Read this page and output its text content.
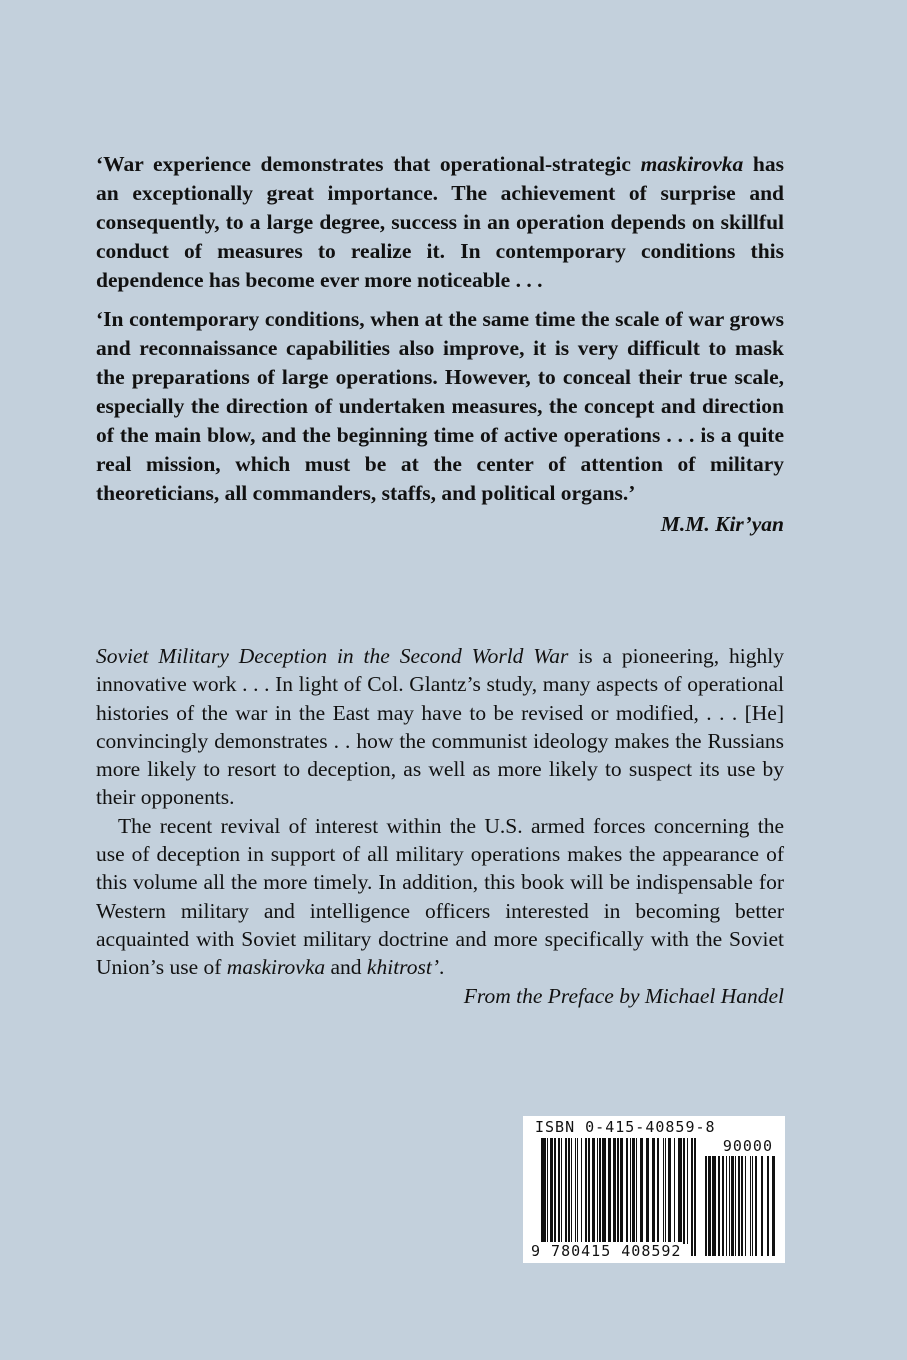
‘War experience demonstrates that operational-strategic maskirovka has an exceptionally great importance. The achievement of surprise and consequently, to a large degree, success in an operation depends on skillful conduct of measures to realize it. In contemporary conditions this dependence has become ever more noticeable . . .

‘In contemporary conditions, when at the same time the scale of war grows and reconnaissance capabilities also improve, it is very difficult to mask the preparations of large operations. However, to conceal their true scale, especially the direction of undertaken measures, the concept and direction of the main blow, and the beginning time of active operations . . . is a quite real mission, which must be at the center of attention of military theoreticians, all commanders, staffs, and political organs.’

M.M. Kir’yan

Soviet Military Deception in the Second World War is a pioneering, highly innovative work . . . In light of Col. Glantz’s study, many aspects of operational histories of the war in the East may have to be revised or modified, . . . [He] convincingly demonstrates . . how the communist ideology makes the Russians more likely to resort to deception, as well as more likely to suspect its use by their opponents.

The recent revival of interest within the U.S. armed forces concerning the use of deception in support of all military operations makes the appearance of this volume all the more timely. In addition, this book will be indispensable for Western military and intelligence officers interested in becoming better acquainted with Soviet military doctrine and more specifically with the Soviet Union’s use of maskirovka and khitrost’.

From the Preface by Michael Handel
ISBN 0-415-40859-8
90000
9 780415 408592
